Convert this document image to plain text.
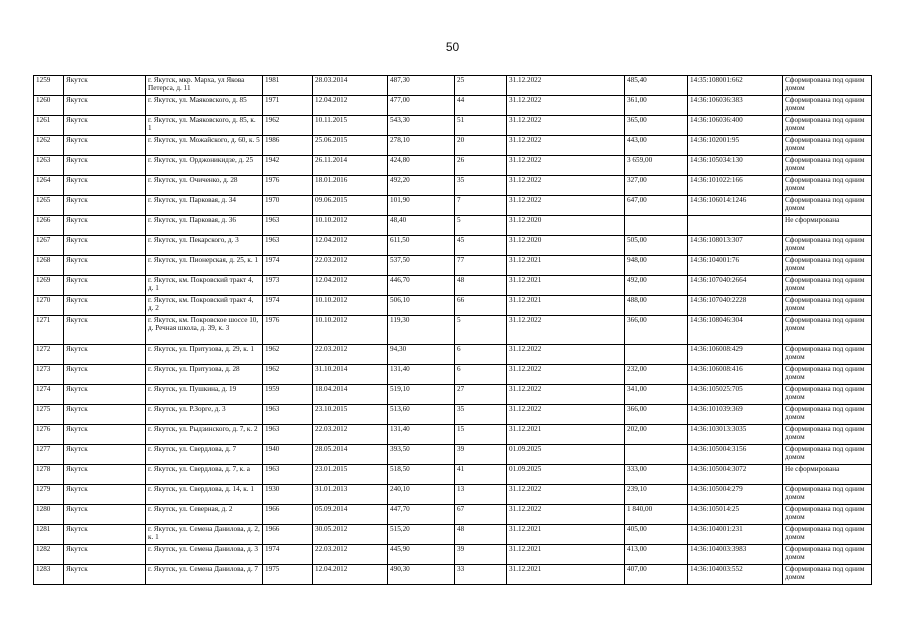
50
1259	Якутск	г. Якутск, мкр. Марха, ул Якова Петерса, д. 11	1981	28.03.2014	487,30	25	31.12.2022	485,40	14:35:108001:662	Сформирована под одним домом
1260	Якутск	г. Якутск, ул. Маяковского, д. 85	1971	12.04.2012	477,00	44	31.12.2022	361,00	14:36:106036:383	Сформирована под одним домом
1261	Якутск	г. Якутск, ул. Маяковского, д. 85, к. 1	1962	10.11.2015	543,30	51	31.12.2022	365,00	14:36:106036:400	Сформирована под одним домом
1262	Якутск	г. Якутск, ул. Можайского, д. 60, к. 5	1986	25.06.2015	278,10	20	31.12.2022	443,00	14:36:102001:95	Сформирована под одним домом
1263	Якутск	г. Якутск, ул. Орджоникидзе, д. 25	1942	26.11.2014	424,80	26	31.12.2022	3 659,00	14:36:105034:130	Сформирована под одним домом
1264	Якутск	г. Якутск, ул. Очиченко, д. 28	1976	18.01.2016	492,20	35	31.12.2022	327,00	14:36:101022:166	Сформирована под одним домом
1265	Якутск	г. Якутск, ул. Парковая, д. 34	1970	09.06.2015	101,90	7	31.12.2022	647,00	14:36:106014:1246	Сформирована под одним домом
1266	Якутск	г. Якутск, ул. Парковая, д. 36	1963	10.10.2012	48,40	5	31.12.2020			Не сформирована
1267	Якутск	г. Якутск, ул. Пекарского, д. 3	1963	12.04.2012	611,50	45	31.12.2020	505,00	14:36:108013:307	Сформирована под одним домом
1268	Якутск	г. Якутск, ул. Пионерская, д. 25, к. 1	1974	22.03.2012	537,50	77	31.12.2021	948,00	14:36:104001:76	Сформирована под одним домом
1269	Якутск	г. Якутск, км. Покровский тракт 4, д. 1	1973	12.04.2012	446,70	48	31.12.2021	492,00	14:36:107040:2664	Сформирована под одним домом
1270	Якутск	г. Якутск, км. Покровский тракт 4, д. 2	1974	10.10.2012	506,10	66	31.12.2021	488,00	14:36:107040:2228	Сформирована под одним домом
1271	Якутск	г. Якутск, км. Покровское шоссе 10, д. Речная школа, д. 39, к. 3	1976	10.10.2012	119,30	5	31.12.2022	366,00	14:36:108046:304	Сформирована под одним домом
1272	Якутск	г. Якутск, ул. Притузова, д. 29, к. 1	1962	22.03.2012	94,30	6	31.12.2022		14:36:106008:429	Сформирована под одним домом
1273	Якутск	г. Якутск, ул. Притузова, д. 28	1962	31.10.2014	131,40	6	31.12.2022	232,00	14:36:106008:416	Сформирована под одним домом
1274	Якутск	г. Якутск, ул. Пушкина, д. 19	1959	18.04.2014	519,10	27	31.12.2022	341,00	14:36:105025:705	Сформирована под одним домом
1275	Якутск	г. Якутск, ул. Р.Зорге, д. 3	1963	23.10.2015	513,60	35	31.12.2022	366,00	14:36:101039:369	Сформирована под одним домом
1276	Якутск	г. Якутск, ул. Рыдзинского, д. 7, к. 2	1963	22.03.2012	131,40	15	31.12.2021	202,00	14:36:103013:3035	Сформирована под одним домом
1277	Якутск	г. Якутск, ул. Свердлова, д. 7	1940	28.05.2014	393,50	39	01.09.2025		14:36:105004:3156	Сформирована под одним домом
1278	Якутск	г. Якутск, ул. Свердлова, д. 7, к. а	1963	23.01.2015	518,50	41	01.09.2025	333,00	14:36:105004:3072	Не сформирована
1279	Якутск	г. Якутск, ул. Свердлова, д. 14, к. 1	1930	31.01.2013	240,10	13	31.12.2022	239,10	14:36:105004:279	Сформирована под одним домом
1280	Якутск	г. Якутск, ул. Северная, д. 2	1966	05.09.2014	447,70	67	31.12.2022	1 840,00	14:36:105014:25	Сформирована под одним домом
1281	Якутск	г. Якутск, ул. Семена Данилова, д. 2, к. 1	1966	30.05.2012	515,20	48	31.12.2021	405,00	14:36:104001:231	Сформирована под одним домом
1282	Якутск	г. Якутск, ул. Семена Данилова, д. 3	1974	22.03.2012	445,90	39	31.12.2021	413,00	14:36:104003:3983	Сформирована под одним домом
1283	Якутск	г. Якутск, ул. Семена Данилова, д. 7	1975	12.04.2012	490,30	33	31.12.2021	407,00	14:36:104003:552	Сформирована под одним домом
